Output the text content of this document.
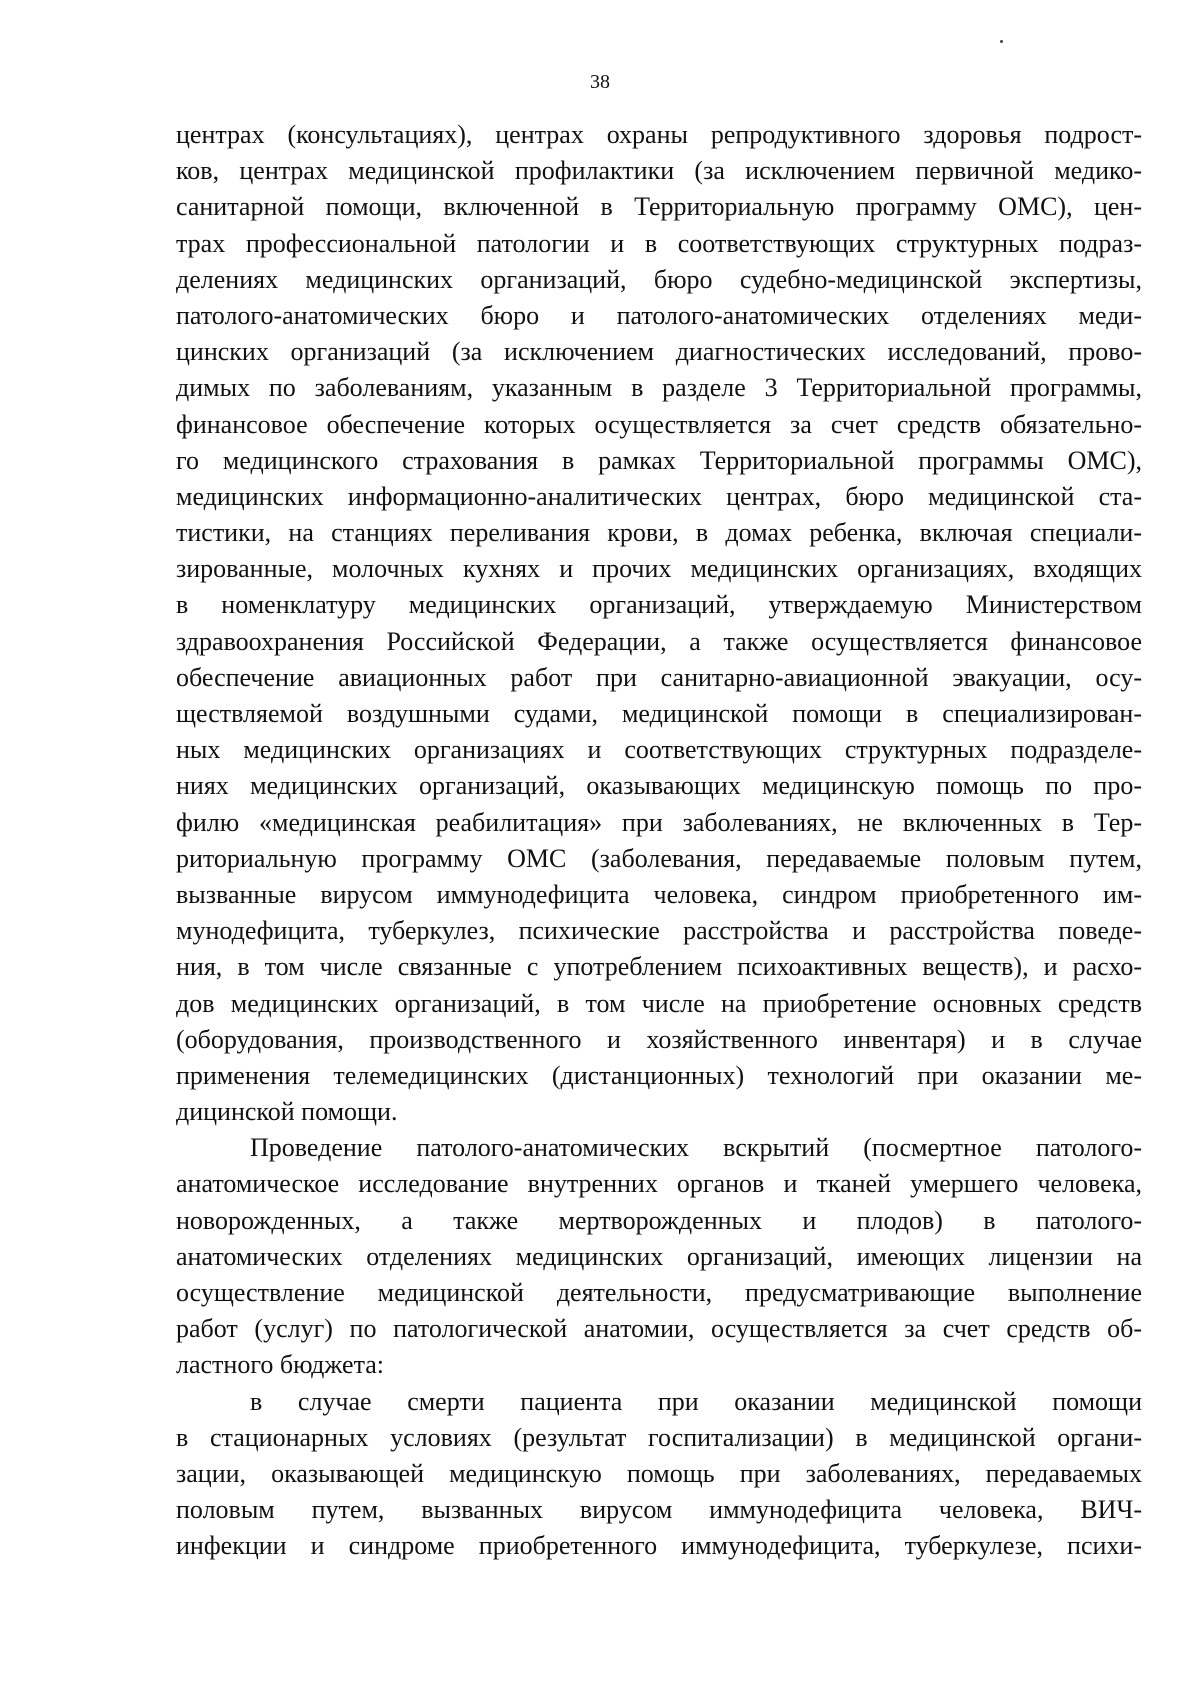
38
центрах (консультациях), центрах охраны репродуктивного здоровья подрост-
ков, центрах медицинской профилактики (за исключением первичной медико-
санитарной помощи, включенной в Территориальную программу ОМС), цен-
трах профессиональной патологии и в соответствующих структурных подраз-
делениях медицинских организаций, бюро судебно-медицинской экспертизы,
патолого-анатомических бюро и патолого-анатомических отделениях меди-
цинских организаций (за исключением диагностических исследований, прово-
димых по заболеваниям, указанным в разделе 3 Территориальной программы,
финансовое обеспечение которых осуществляется за счет средств обязательно-
го медицинского страхования в рамках Территориальной программы ОМС),
медицинских информационно-аналитических центрах, бюро медицинской ста-
тистики, на станциях переливания крови, в домах ребенка, включая специали-
зированные, молочных кухнях и прочих медицинских организациях, входящих
в номенклатуру медицинских организаций, утверждаемую Министерством
здравоохранения Российской Федерации, а также осуществляется финансовое
обеспечение авиационных работ при санитарно-авиационной эвакуации, осу-
ществляемой воздушными судами, медицинской помощи в специализирован-
ных медицинских организациях и соответствующих структурных подразделе-
ниях медицинских организаций, оказывающих медицинскую помощь по про-
филю «медицинская реабилитация» при заболеваниях, не включенных в Тер-
риториальную программу ОМС (заболевания, передаваемые половым путем,
вызванные вирусом иммунодефицита человека, синдром приобретенного им-
мунодефицита, туберкулез, психические расстройства и расстройства поведе-
ния, в том числе связанные с употреблением психоактивных веществ), и расхо-
дов медицинских организаций, в том числе на приобретение основных средств
(оборудования, производственного и хозяйственного инвентаря) и в случае
применения телемедицинских (дистанционных) технологий при оказании ме-
дицинской помощи.
Проведение патолого-анатомических вскрытий (посмертное патолого-
анатомическое исследование внутренних органов и тканей умершего человека,
новорожденных, а также мертворожденных и плодов) в патолого-
анатомических отделениях медицинских организаций, имеющих лицензии на
осуществление медицинской деятельности, предусматривающие выполнение
работ (услуг) по патологической анатомии, осуществляется за счет средств об-
ластного бюджета:
в случае смерти пациента при оказании медицинской помощи
в стационарных условиях (результат госпитализации) в медицинской органи-
зации, оказывающей медицинскую помощь при заболеваниях, передаваемых
половым путем, вызванных вирусом иммунодефицита человека, ВИЧ-
инфекции и синдроме приобретенного иммунодефицита, туберкулезе, психи-
